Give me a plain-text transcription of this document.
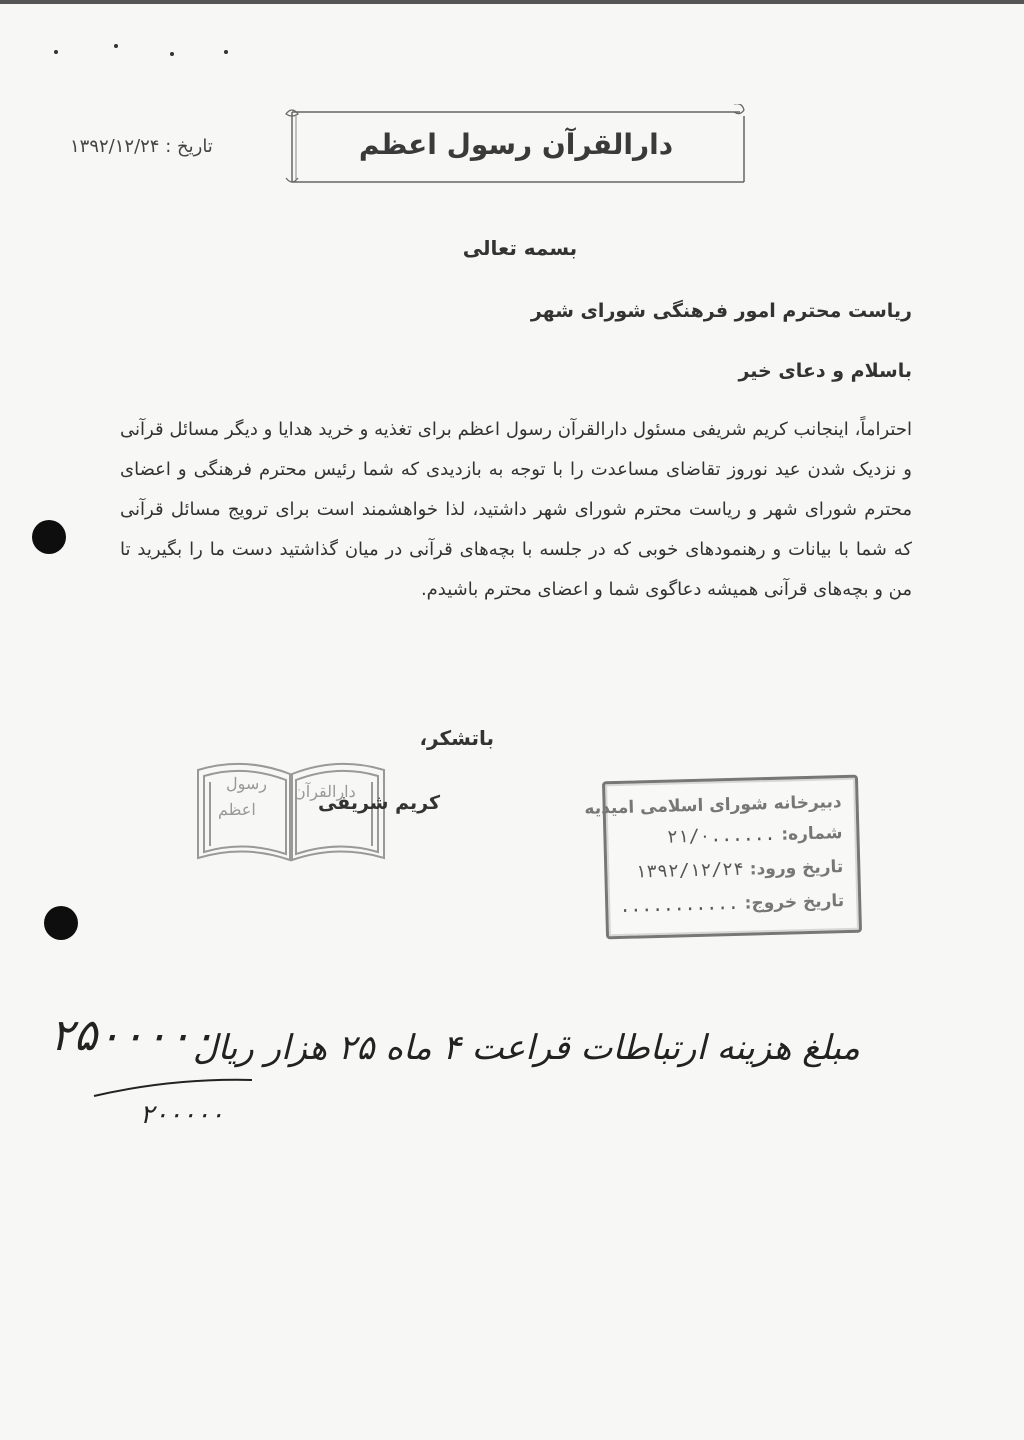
دارالقرآن رسول اعظم
تاریخ : ۱۳۹۲/۱۲/۲۴
بسمه تعالی
ریاست محترم امور فرهنگی شورای شهر
باسلام و دعای خیر
احتراماً، اینجانب کریم شریفی مسئول دارالقرآن رسول اعظم برای تغذیه و خرید هدایا و دیگر مسائل قرآنی و نزدیک شدن عید نوروز تقاضای مساعدت را با توجه به بازدیدی که شما رئیس محترم فرهنگی و اعضای محترم شورای شهر و ریاست محترم شورای شهر داشتید، لذا خواهشمند است برای ترویج مسائل قرآنی که شما با بیانات و رهنمودهای خوبی که در جلسه با بچه‌های قرآنی در میان گذاشتید دست ما را بگیرید تا من و بچه‌های قرآنی همیشه دعاگوی شما و اعضای محترم باشیدم.
باتشکر،
رسول
اعظم
دارالقرآن
کریم شریفی	دبیرخانه شورای اسلامی امیدیه
شماره: ......۲۱/۰
تاریخ ورود: ۱۳۹۲/۱۲/۲۴
تاریخ خروج: ...........
۲۵۰۰۰۰۰
مبلغ هزینه ارتباطات قراعت ۴ ماه ۲۵ هزار ریال
۲۰۰۰۰۰
